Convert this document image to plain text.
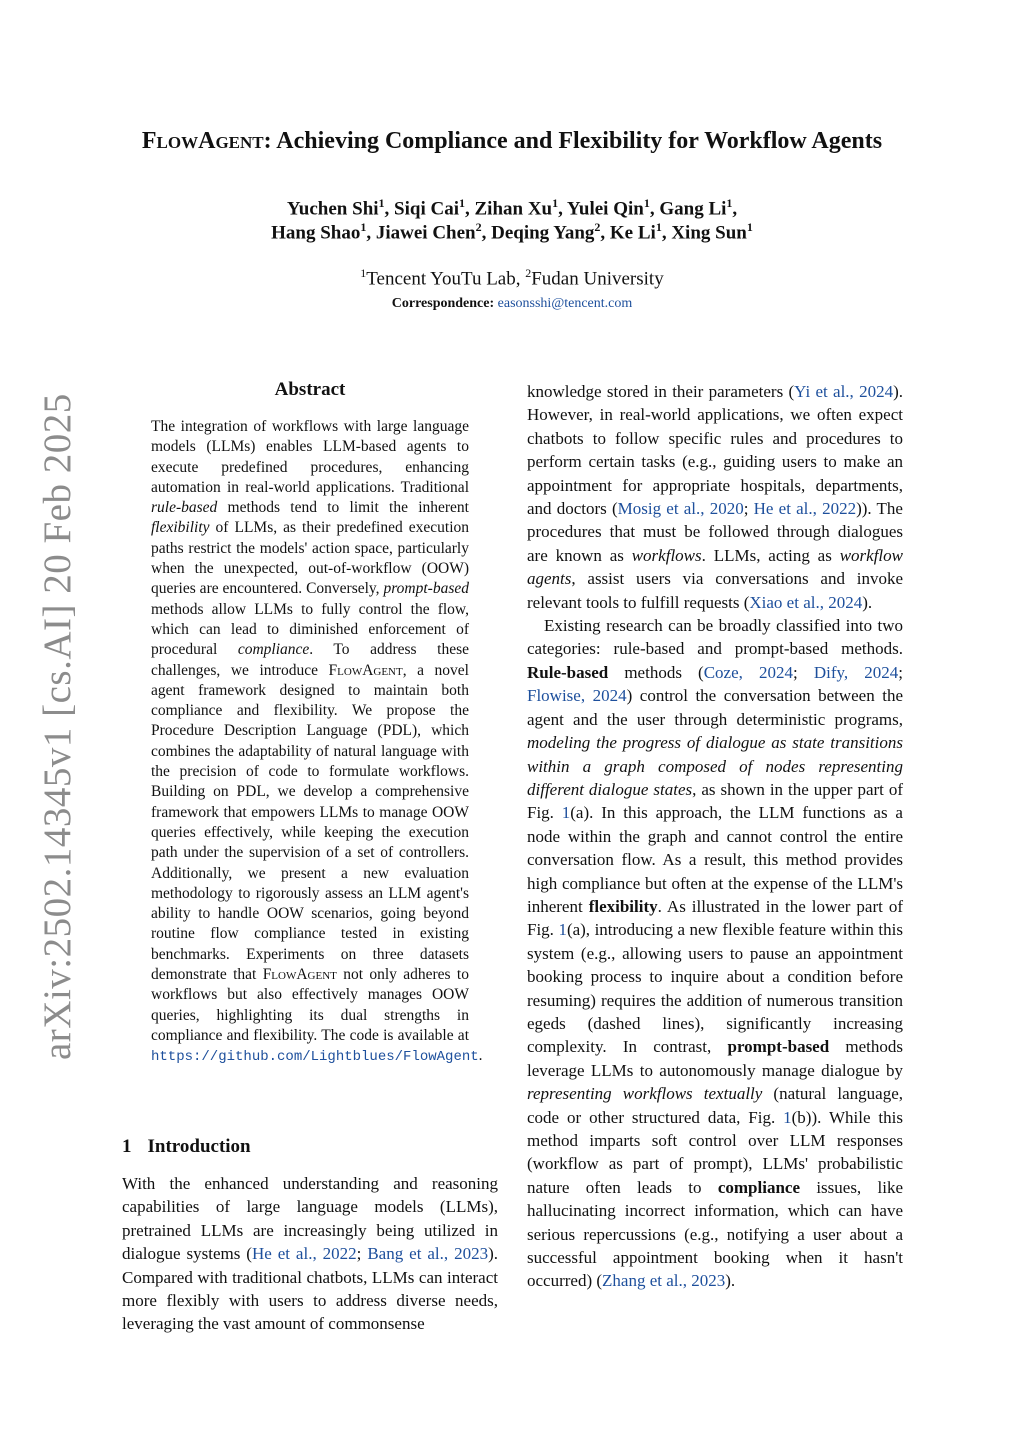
arXiv:2502.14345v1 [cs.AI] 20 Feb 2025
FlowAgent: Achieving Compliance and Flexibility for Workflow Agents
Yuchen Shi$^1$, Siqi Cai$^1$, Zihan Xu$^1$, Yulei Qin$^1$, Gang Li$^1$,
Hang Shao$^1$, Jiawei Chen$^2$, Deqing Yang$^2$, Ke Li$^1$, Xing Sun$^1$
$^1$Tencent YouTu Lab, $^2$Fudan University
Correspondence: easonsshi@tencent.com
Abstract

The integration of workflows with large language models (LLMs) enables LLM-based agents to execute predefined procedures, enhancing automation in real-world applications. Traditional rule-based methods tend to limit the inherent flexibility of LLMs, as their predefined execution paths restrict the models' action space, particularly when the unexpected, out-of-workflow (OOW) queries are encountered. Conversely, prompt-based methods allow LLMs to fully control the flow, which can lead to diminished enforcement of procedural compliance. To address these challenges, we introduce FlowAgent, a novel agent framework designed to maintain both compliance and flexibility. We propose the Procedure Description Language (PDL), which combines the adaptability of natural language with the precision of code to formulate workflows. Building on PDL, we develop a comprehensive framework that empowers LLMs to manage OOW queries effectively, while keeping the execution path under the supervision of a set of controllers. Additionally, we present a new evaluation methodology to rigorously assess an LLM agent's ability to handle OOW scenarios, going beyond routine flow compliance tested in existing benchmarks. Experiments on three datasets demonstrate that FlowAgent not only adheres to workflows but also effectively manages OOW queries, highlighting its dual strengths in compliance and flexibility. The code is available at https://github.com/Lightblues/FlowAgent.

1 Introduction

With the enhanced understanding and reasoning capabilities of large language models (LLMs), pretrained LLMs are increasingly being utilized in dialogue systems (He et al., 2022; Bang et al., 2023). Compared with traditional chatbots, LLMs can interact more flexibly with users to address diverse needs, leveraging the vast amount of commonsense

knowledge stored in their parameters (Yi et al., 2024). However, in real-world applications, we often expect chatbots to follow specific rules and procedures to perform certain tasks (e.g., guiding users to make an appointment for appropriate hospitals, departments, and doctors (Mosig et al., 2020; He et al., 2022)). The procedures that must be followed through dialogues are known as workflows. LLMs, acting as workflow agents, assist users via conversations and invoke relevant tools to fulfill requests (Xiao et al., 2024).

Existing research can be broadly classified into two categories: rule-based and prompt-based methods. Rule-based methods (Coze, 2024; Dify, 2024; Flowise, 2024) control the conversation between the agent and the user through deterministic programs, modeling the progress of dialogue as state transitions within a graph composed of nodes representing different dialogue states, as shown in the upper part of Fig. 1(a). In this approach, the LLM functions as a node within the graph and cannot control the entire conversation flow. As a result, this method provides high compliance but often at the expense of the LLM's inherent flexibility. As illustrated in the lower part of Fig. 1(a), introducing a new flexible feature within this system (e.g., allowing users to pause an appointment booking process to inquire about a condition before resuming) requires the addition of numerous transition egeds (dashed lines), significantly increasing complexity. In contrast, prompt-based methods leverage LLMs to autonomously manage dialogue by representing workflows textually (natural language, code or other structured data, Fig. 1(b)). While this method imparts soft control over LLM responses (workflow as part of prompt), LLMs' probabilistic nature often leads to compliance issues, like hallucinating incorrect information, which can have serious repercussions (e.g., notifying a user about a successful appointment booking when it hasn't occurred) (Zhang et al., 2023).
